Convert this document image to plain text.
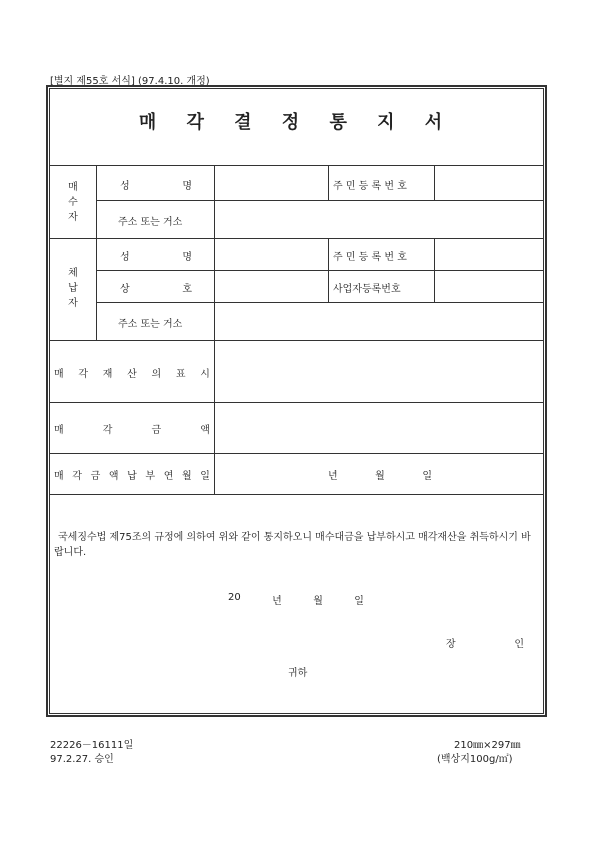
[별지 제55호 서식] (97.4.10. 개정)
매 각 결 정 통 지 서
매
수
자
성	명	주 민 등 록 번 호
주소 또는 거소
체
납
자
성	명	주 민 등 록 번 호
상	호	사업자등록번호
주소 또는 거소
매 각 재 산 의 표 시
매	각	금	액
매 각 금 액 납 부 연 월 일	년	월	일
국세징수법 제75조의 규정에 의하여 위와 같이 통지하오니 매수대금을 납부하시고 매각재산을 취득하시기 바랍니다.
20	년	월	일
장	인
귀하
22226－16111일
97.2.27. 승인
210㎜×297㎜
(백상지100g/㎡)
